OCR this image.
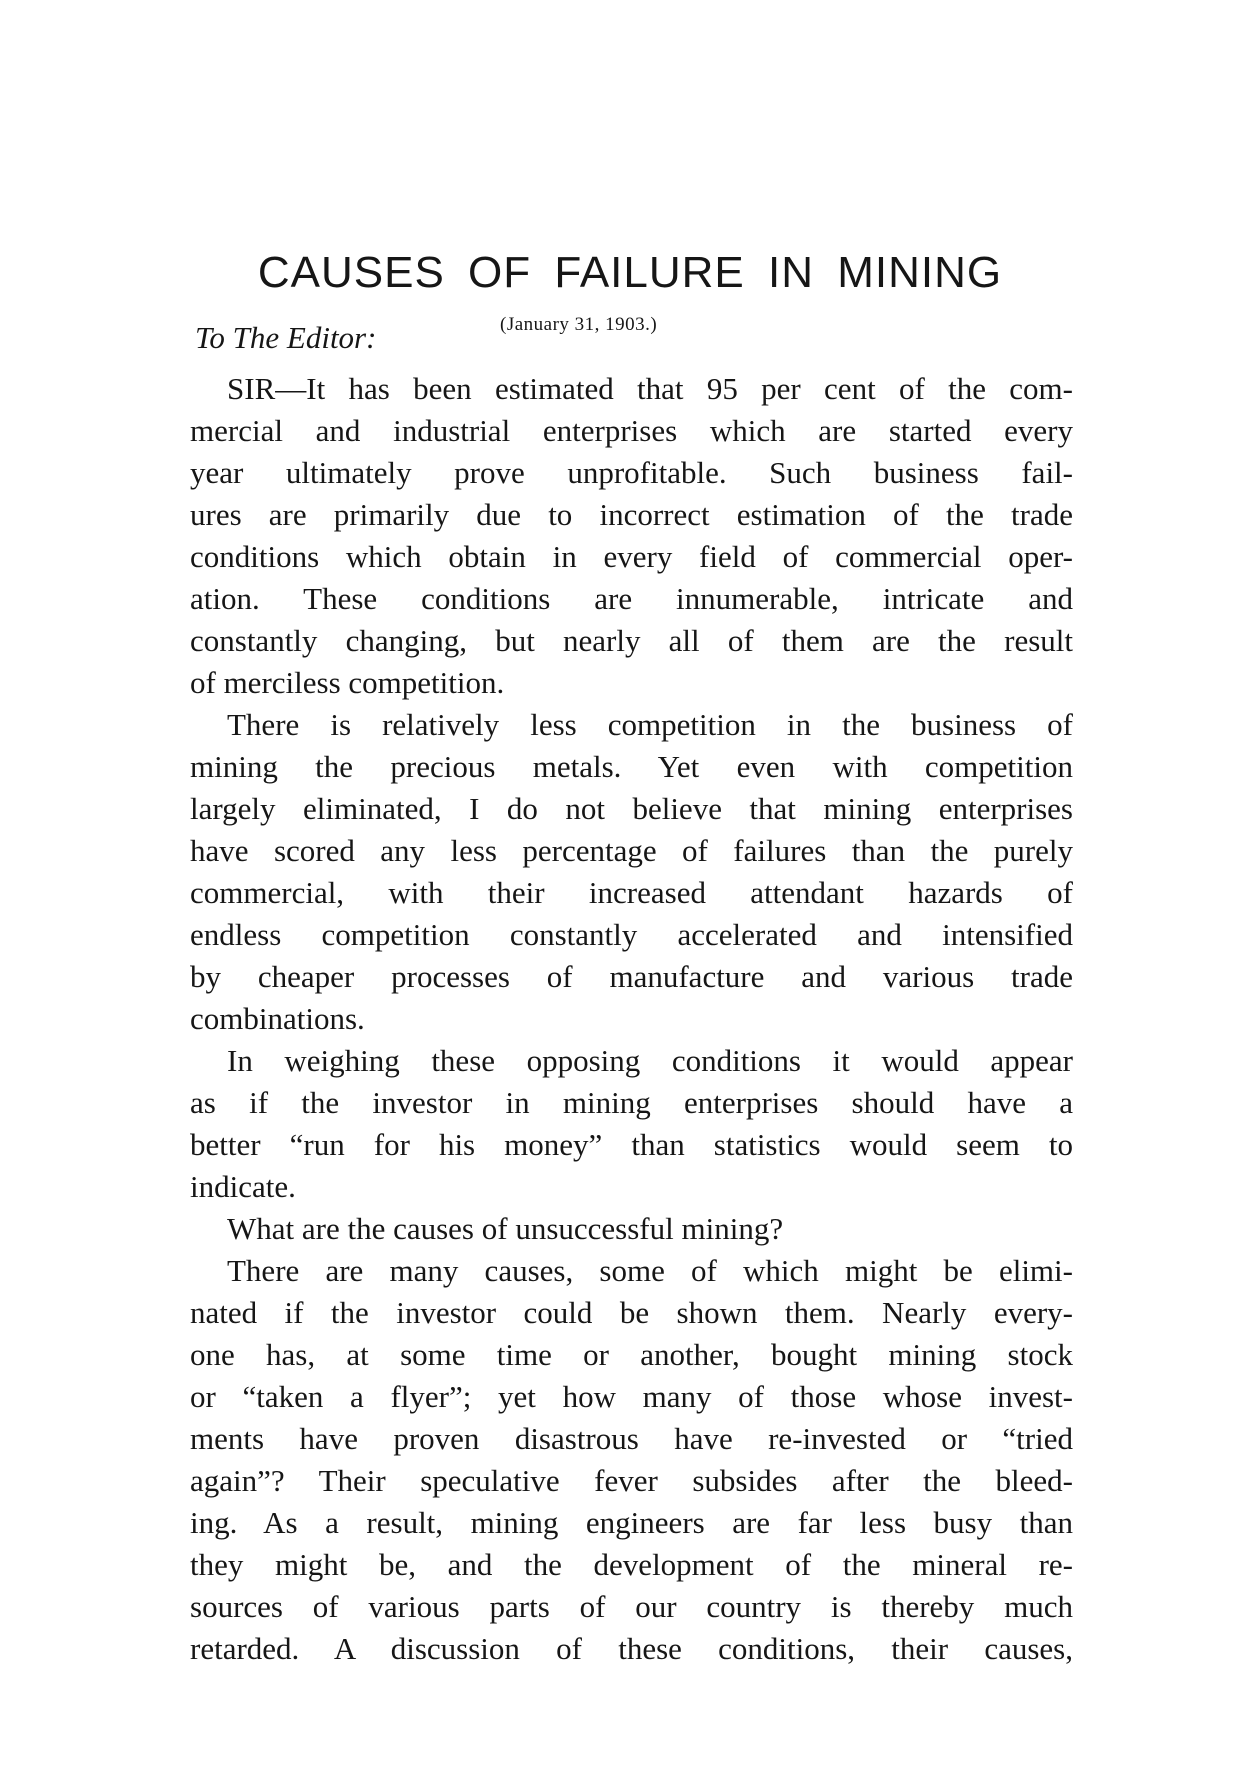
CAUSES OF FAILURE IN MINING
(January 31, 1903.)
To The Editor:

SIR—It has been estimated that 95 per cent of the com-
mercial and industrial enterprises which are started every
year ultimately prove unprofitable. Such business fail-
ures are primarily due to incorrect estimation of the trade
conditions which obtain in every field of commercial oper-
ation. These conditions are innumerable, intricate and
constantly changing, but nearly all of them are the result
of merciless competition.

There is relatively less competition in the business of
mining the precious metals. Yet even with competition
largely eliminated, I do not believe that mining enterprises
have scored any less percentage of failures than the purely
commercial, with their increased attendant hazards of
endless competition constantly accelerated and intensified
by cheaper processes of manufacture and various trade
combinations.

In weighing these opposing conditions it would appear
as if the investor in mining enterprises should have a
better “run for his money” than statistics would seem to
indicate.

What are the causes of unsuccessful mining?

There are many causes, some of which might be elimi-
nated if the investor could be shown them. Nearly every-
one has, at some time or another, bought mining stock
or “taken a flyer”; yet how many of those whose invest-
ments have proven disastrous have re-invested or “tried
again”? Their speculative fever subsides after the bleed-
ing. As a result, mining engineers are far less busy than
they might be, and the development of the mineral re-
sources of various parts of our country is thereby much
retarded. A discussion of these conditions, their causes,
